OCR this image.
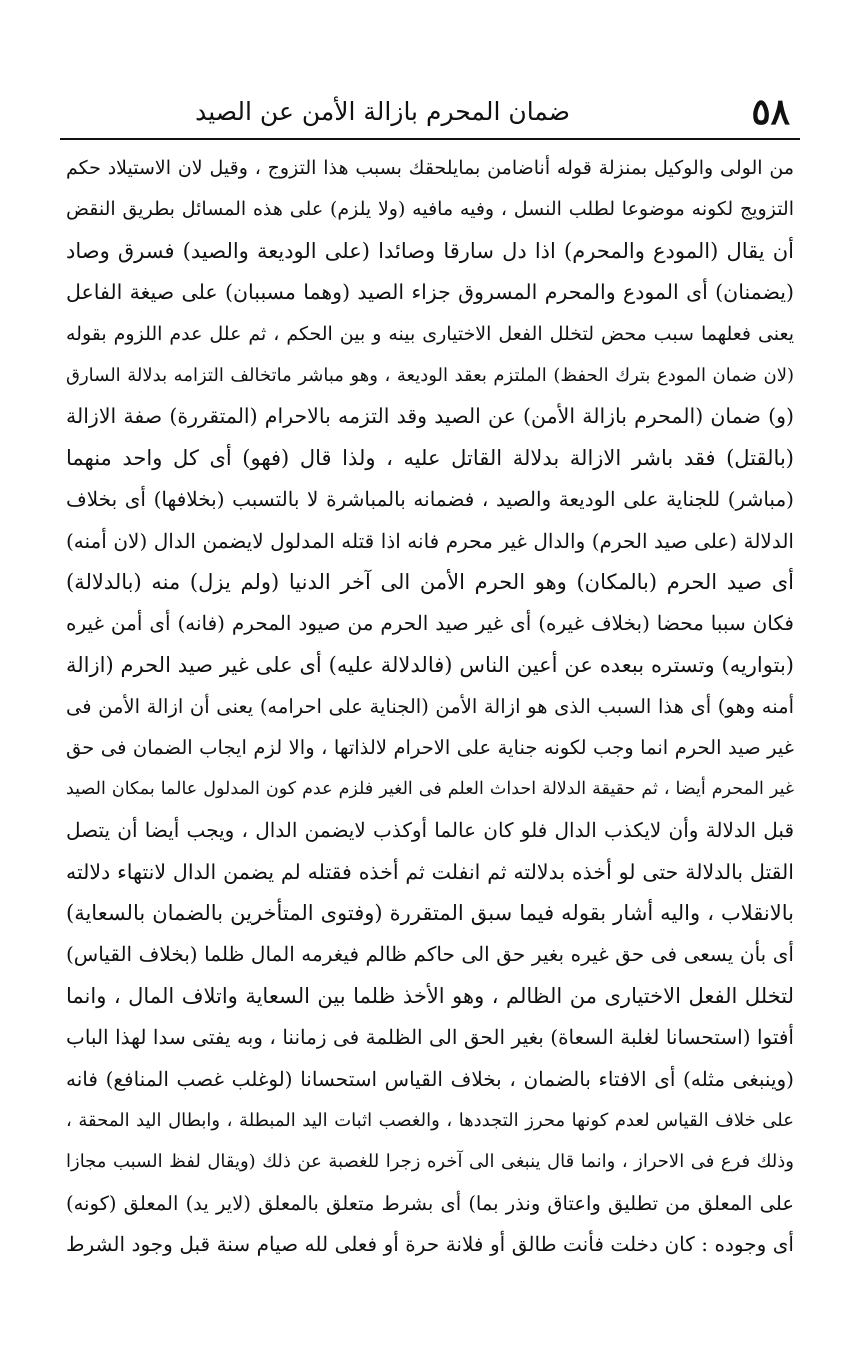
٥٨
ضمان المحرم بازالة الأمن عن الصيد
من الولى والوكيل بمنزلة قوله أناضامن بمايلحقك بسبب هذا التزوج ، وقيل لان الاستيلاد حكم
التزويج لكونه موضوعا لطلب النسل ، وفيه مافيه (ولا يلزم) على هذه المسائل بطريق النقض
أن يقال (المودع والمحرم) اذا دل سارقا وصائدا (على الوديعة والصيد) فسرق وصاد
(يضمنان) أى المودع والمحرم المسروق جزاء الصيد (وهما مسببان) على صيغة الفاعل
يعنى فعلهما سبب محض لتخلل الفعل الاختيارى بينه و بين الحكم ، ثم علل عدم اللزوم بقوله
(لان ضمان المودع بترك الحفظ) الملتزم بعقد الوديعة ، وهو مباشر ماتخالف التزامه بدلالة السارق
(و) ضمان (المحرم بازالة الأمن) عن الصيد وقد التزمه بالاحرام (المتقررة) صفة الازالة
(بالقتل) فقد باشر الازالة بدلالة القاتل عليه ، ولذا قال (فهو) أى كل واحد منهما
(مباشر) للجناية على الوديعة والصيد ، فضمانه بالمباشرة لا بالتسبب (بخلافها) أى بخلاف
الدلالة (على صيد الحرم) والدال غير محرم فانه اذا قتله المدلول لايضمن الدال (لان أمنه)
أى صيد الحرم (بالمكان) وهو الحرم الأمن الى آخر الدنيا (ولم يزل) منه (بالدلالة)
فكان سببا محضا (بخلاف غيره) أى غير صيد الحرم من صيود المحرم (فانه) أى أمن غيره
(بتواريه) وتستره ببعده عن أعين الناس (فالدلالة عليه) أى على غير صيد الحرم (ازالة
أمنه وهو) أى هذا السبب الذى هو ازالة الأمن (الجناية على احرامه) يعنى أن ازالة الأمن فى
غير صيد الحرم انما وجب لكونه جناية على الاحرام لالذاتها ، والا لزم ايجاب الضمان فى حق
غير المحرم أيضا ، ثم حقيقة الدلالة احداث العلم فى الغير فلزم عدم كون المدلول عالما بمكان الصيد
قبل الدلالة وأن لايكذب الدال فلو كان عالما أوكذب لايضمن الدال ، ويجب أيضا أن يتصل
القتل بالدلالة حتى لو أخذه بدلالته ثم انفلت ثم أخذه فقتله لم يضمن الدال لانتهاء دلالته
بالانقلاب ، واليه أشار بقوله فيما سبق المتقررة (وفتوى المتأخرين بالضمان بالسعاية)
أى بأن يسعى فى حق غيره بغير حق الى حاكم ظالم فيغرمه المال ظلما (بخلاف القياس)
لتخلل الفعل الاختيارى من الظالم ، وهو الأخذ ظلما بين السعاية واتلاف المال ، وانما
أفتوا (استحسانا لغلبة السعاة) بغير الحق الى الظلمة فى زماننا ، وبه يفتى سدا لهذا الباب
(وينبغى مثله) أى الافتاء بالضمان ، بخلاف القياس استحسانا (لوغلب غصب المنافع) فانه
على خلاف القياس لعدم كونها محرز التجددها ، والغصب اثبات اليد المبطلة ، وابطال اليد المحقة ،
وذلك فرع فى الاحراز ، وانما قال ينبغى الى آخره زجرا للغصبة عن ذلك (ويقال لفظ السبب مجازا
على المعلق من تطليق واعتاق ونذر بما) أى بشرط متعلق بالمعلق (لاير يد) المعلق (كونه)
أى وجوده : كان دخلت فأنت طالق أو فلانة حرة أو فعلى لله صيام سنة قبل وجود الشرط
